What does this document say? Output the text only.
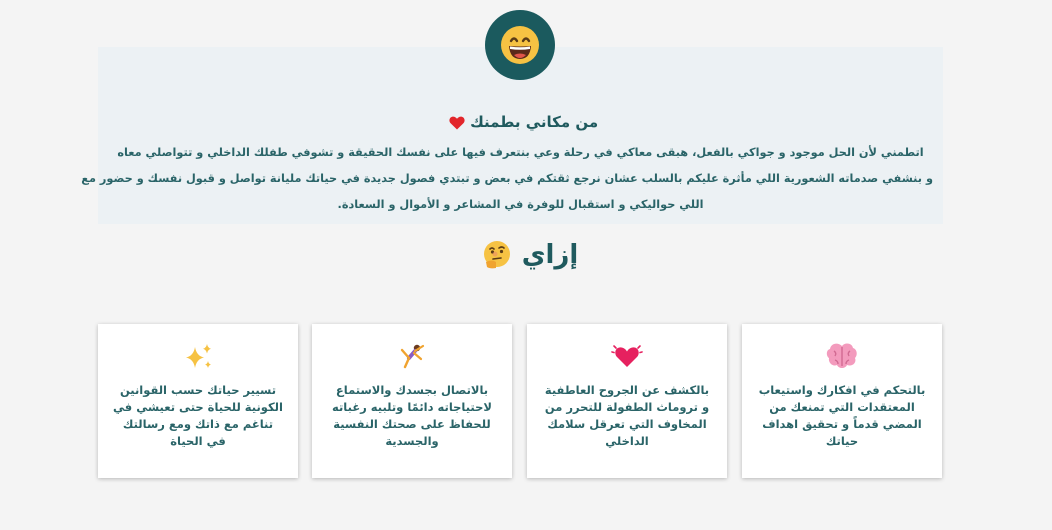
من مكاني بطمنك
اتطمني لأن الحل موجود و جواكي بالفعل، هبقى معاكي في رحلة وعي بنتعرف فيها على نفسك الحقيقة و تشوفي طفلك الداخلي و تتواصلي معاه
و بنشفي صدماته الشعورية اللي مأثرة عليكم بالسلب عشان نرجع ثقتكم في بعض و تبتدي فصول جديدة في حياتك مليانة تواصل و قبول نفسك و حضور مع
اللي حواليكي و استقبال للوفرة في المشاعر و الأموال و السعادة.
إزاي
بالتحكم في افكارك واستيعاب المعتقدات التي تمنعك من المضي قدماً و تحقيق اهداف حياتك
بالكشف عن الجروح العاطفية و تروماث الطفولة للتحرر من المخاوف التي تعرقل سلامك الداخلي
بالاتصال بجسدك والاستماع لاحتياجاته دائمًا وتلبيه رغباته للحفاظ على صحتك النفسية والجسدية
تسيير حياتك حسب القوانين الكونية للحياة حتى تعيشي في تناغم مع ذاتك ومع رسالتك في الحياة
